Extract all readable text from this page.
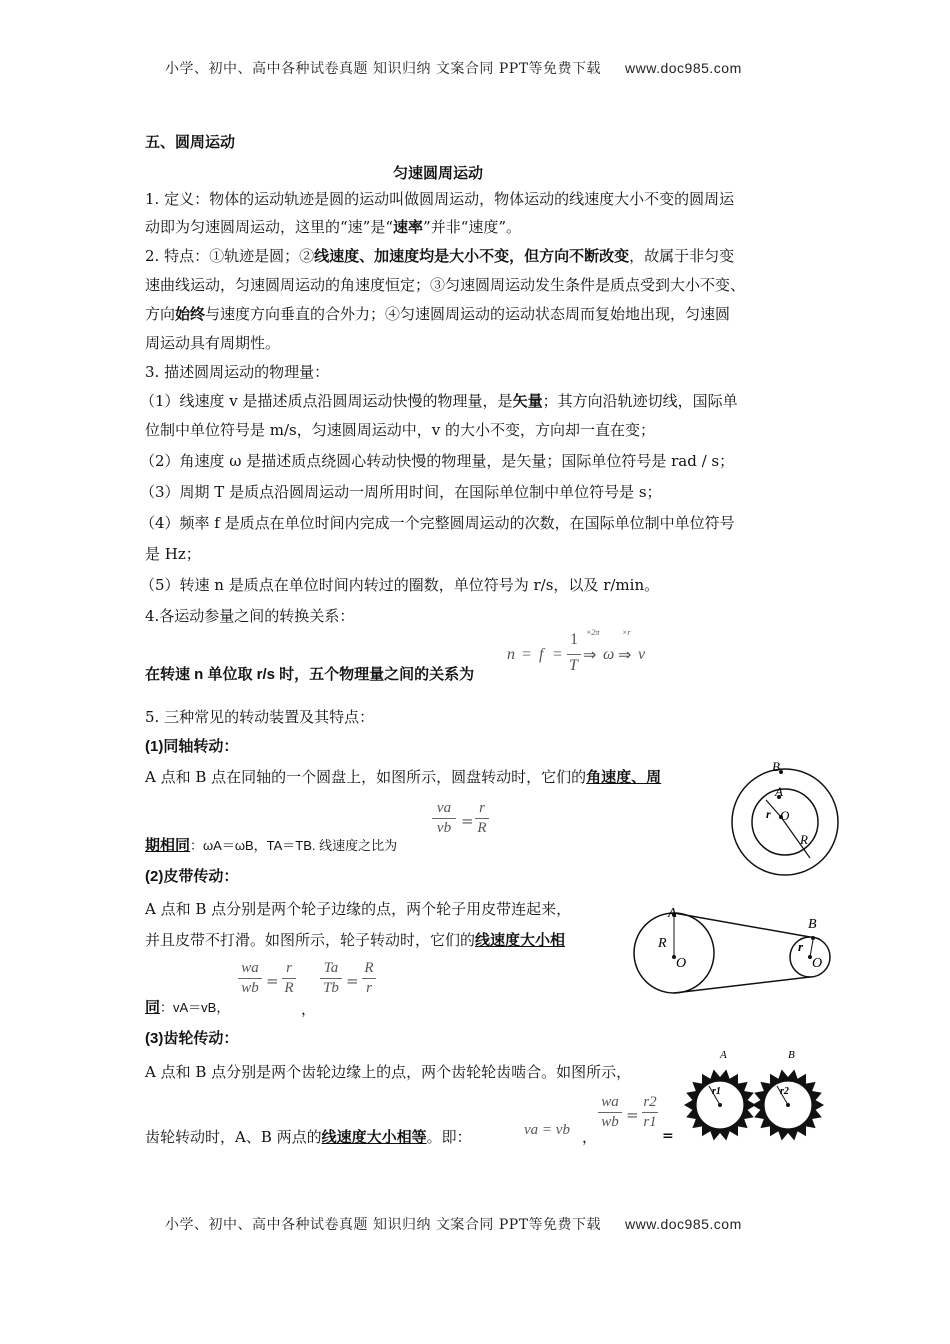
小学、初中、高中各种试卷真题 知识归纳 文案合同 PPT等免费下载 www.doc985.com
五、圆周运动
匀速圆周运动
1. 定义：物体的运动轨迹是圆的运动叫做圆周运动，物体运动的线速度大小不变的圆周运
动即为匀速圆周运动，这里的“速”是“速率”并非“速度”。
2. 特点：①轨迹是圆；②线速度、加速度均是大小不变，但方向不断改变，故属于非匀变
速曲线运动，匀速圆周运动的角速度恒定；③匀速圆周运动发生条件是质点受到大小不变、
方向始终与速度方向垂直的合外力；④匀速圆周运动的运动状态周而复始地出现，匀速圆
周运动具有周期性。
3. 描述圆周运动的物理量：
（1）线速度 v 是描述质点沿圆周运动快慢的物理量，是矢量；其方向沿轨迹切线，国际单
位制中单位符号是 m/s，匀速圆周运动中，v 的大小不变，方向却一直在变；
（2）角速度 ω 是描述质点绕圆心转动快慢的物理量，是矢量；国际单位符号是 rad / s；
（3）周期 T 是质点沿圆周运动一周所用时间，在国际单位制中单位符号是 s；
（4）频率 f 是质点在单位时间内完成一个完整圆周运动的次数，在国际单位制中单位符号
是 Hz；
（5）转速 n 是质点在单位时间内转过的圈数，单位符号为 r/s，以及 r/min。
4.各运动参量之间的转换关系：
n = f =
1
T
×2π
⇒ ω
×r
⇒ v
在转速 n 单位取 r/s 时，五个物理量之间的关系为
5. 三种常见的转动装置及其特点：
(1)同轴转动：
A 点和 B 点在同轴的一个圆盘上，如图所示，圆盘转动时，它们的角速度、周
va
vb =
r
R
期相同：ωA＝ωB，TA＝TB. 线速度之比为
B
A
r O
R
(2)皮带传动：
A 点和 B 点分别是两个轮子边缘的点，两个轮子用皮带连起来，
并且皮带不打滑。如图所示，轮子转动时，它们的线速度大小相
wa
wb =
r
R
Ta
Tb =
R
r
同：vA＝vB，	，
A
B
R
O
r
O
(3)齿轮传动：
A 点和 B 点分别是两个齿轮边缘上的点，两个齿轮轮齿啮合。如图所示，
齿轮转动时，A、B 两点的线速度大小相等。即：	va = vb ，
wa
wb =
r2
r1
=
A	B
r1	r2
小学、初中、高中各种试卷真题 知识归纳 文案合同 PPT等免费下载 www.doc985.com
